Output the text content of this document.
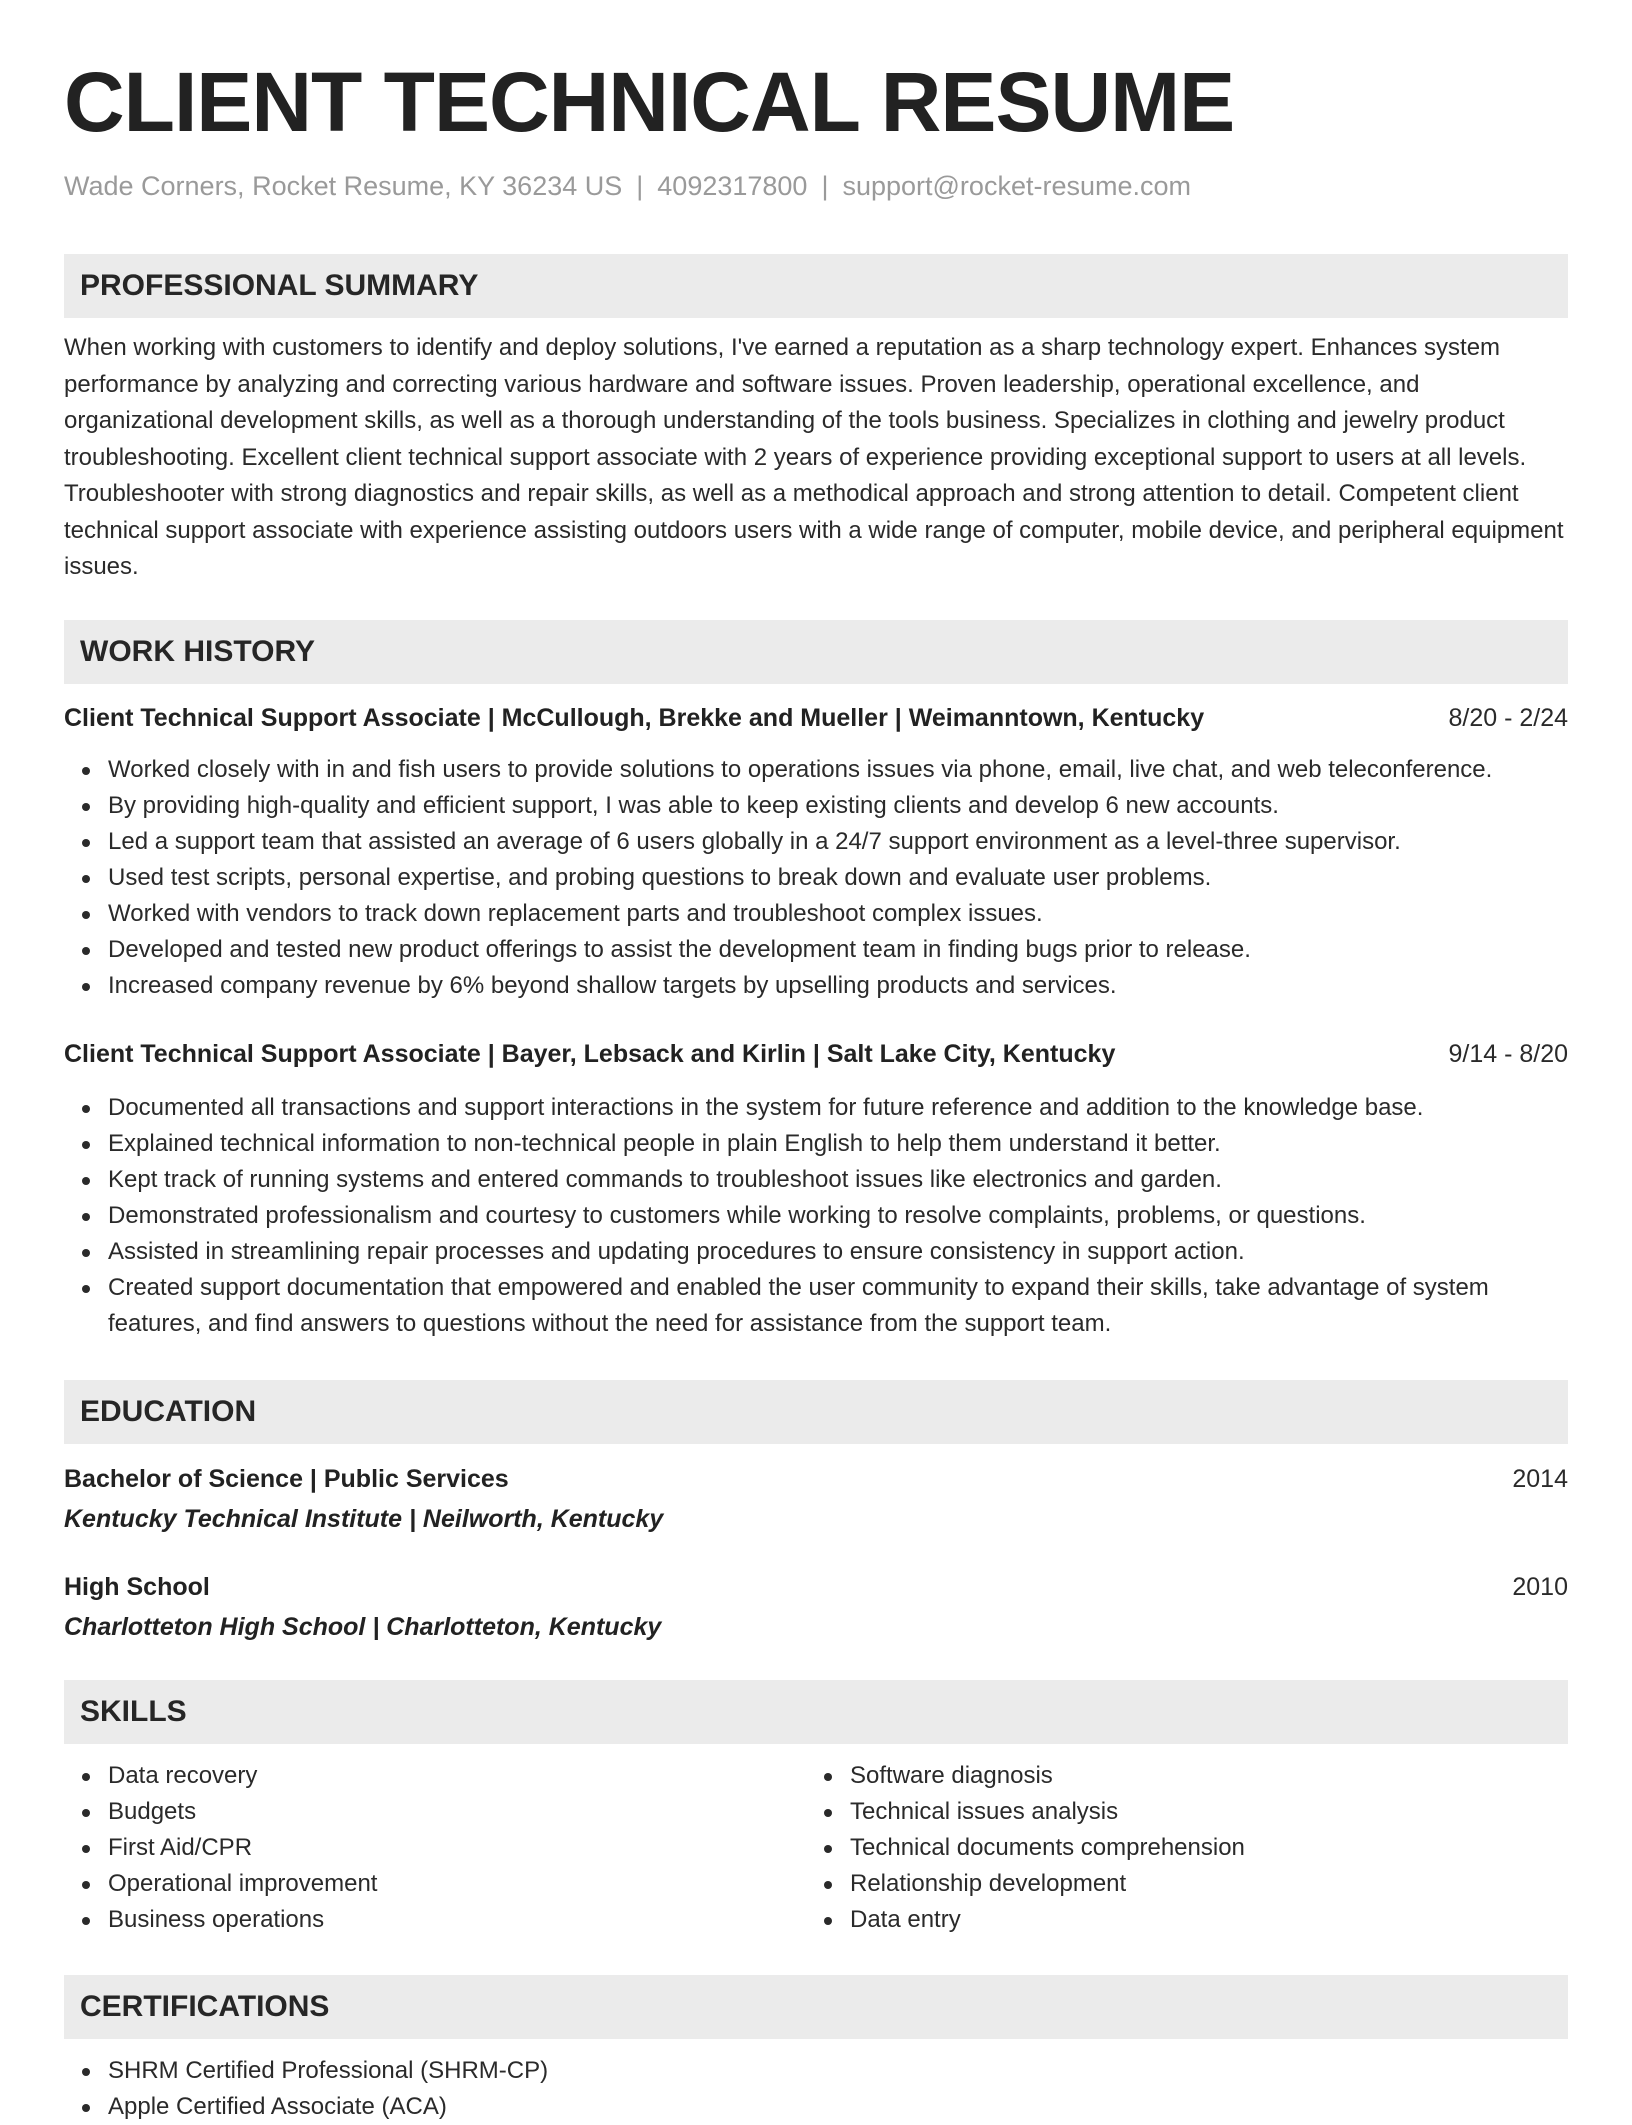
CLIENT TECHNICAL RESUME
Wade Corners, Rocket Resume, KY 36234 US | 4092317800 | support@rocket-resume.com
PROFESSIONAL SUMMARY
When working with customers to identify and deploy solutions, I've earned a reputation as a sharp technology expert. Enhances system performance by analyzing and correcting various hardware and software issues. Proven leadership, operational excellence, and organizational development skills, as well as a thorough understanding of the tools business. Specializes in clothing and jewelry product troubleshooting. Excellent client technical support associate with 2 years of experience providing exceptional support to users at all levels. Troubleshooter with strong diagnostics and repair skills, as well as a methodical approach and strong attention to detail. Competent client technical support associate with experience assisting outdoors users with a wide range of computer, mobile device, and peripheral equipment issues.
WORK HISTORY
Client Technical Support Associate | McCullough, Brekke and Mueller | Weimanntown, Kentucky	8/20 - 2/24
Worked closely with in and fish users to provide solutions to operations issues via phone, email, live chat, and web teleconference.
By providing high-quality and efficient support, I was able to keep existing clients and develop 6 new accounts.
Led a support team that assisted an average of 6 users globally in a 24/7 support environment as a level-three supervisor.
Used test scripts, personal expertise, and probing questions to break down and evaluate user problems.
Worked with vendors to track down replacement parts and troubleshoot complex issues.
Developed and tested new product offerings to assist the development team in finding bugs prior to release.
Increased company revenue by 6% beyond shallow targets by upselling products and services.
Client Technical Support Associate | Bayer, Lebsack and Kirlin | Salt Lake City, Kentucky	9/14 - 8/20
Documented all transactions and support interactions in the system for future reference and addition to the knowledge base.
Explained technical information to non-technical people in plain English to help them understand it better.
Kept track of running systems and entered commands to troubleshoot issues like electronics and garden.
Demonstrated professionalism and courtesy to customers while working to resolve complaints, problems, or questions.
Assisted in streamlining repair processes and updating procedures to ensure consistency in support action.
Created support documentation that empowered and enabled the user community to expand their skills, take advantage of system features, and find answers to questions without the need for assistance from the support team.
EDUCATION
Bachelor of Science | Public Services	2014
Kentucky Technical Institute | Neilworth, Kentucky
High School	2010
Charlotteton High School | Charlotteton, Kentucky
SKILLS
Data recovery
Budgets
First Aid/CPR
Operational improvement
Business operations
Software diagnosis
Technical issues analysis
Technical documents comprehension
Relationship development
Data entry
CERTIFICATIONS
SHRM Certified Professional (SHRM-CP)
Apple Certified Associate (ACA)
